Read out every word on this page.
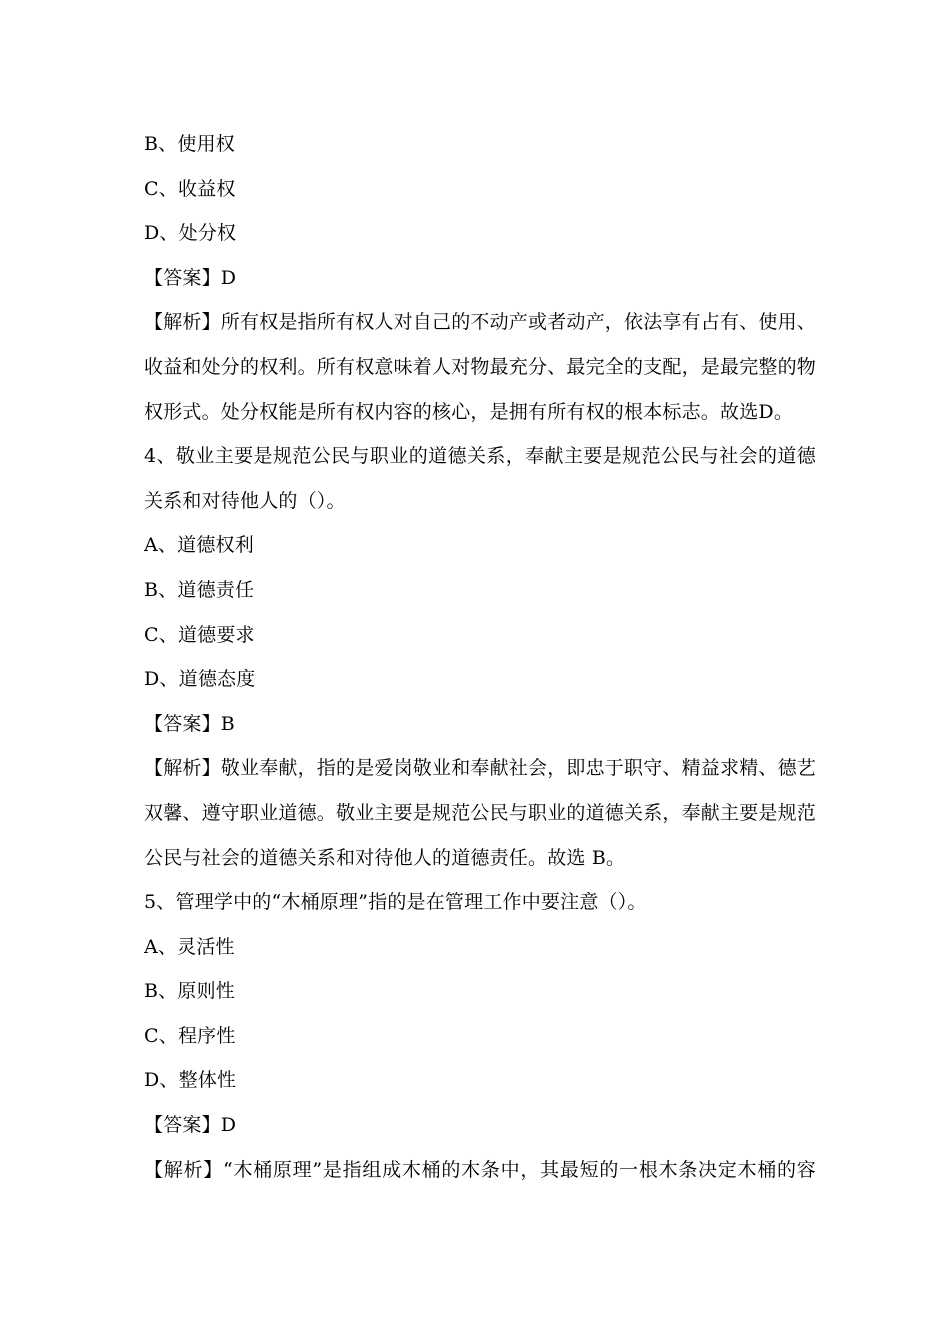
B、使用权
C、收益权
D、处分权
【答案】D
【解析】所有权是指所有权人对自己的不动产或者动产，依法享有占有、使用、
收益和处分的权利。所有权意味着人对物最充分、最完全的支配，是最完整的物
权形式。处分权能是所有权内容的核心，是拥有所有权的根本标志。故选D。
4、敬业主要是规范公民与职业的道德关系，奉献主要是规范公民与社会的道德
关系和对待他人的（）。
A、道德权利
B、道德责任
C、道德要求
D、道德态度
【答案】B
【解析】敬业奉献，指的是爱岗敬业和奉献社会，即忠于职守、精益求精、德艺
双馨、遵守职业道德。敬业主要是规范公民与职业的道德关系，奉献主要是规范
公民与社会的道德关系和对待他人的道德责任。故选 B。
5、管理学中的“木桶原理”指的是在管理工作中要注意（）。
A、灵活性
B、原则性
C、程序性
D、整体性
【答案】D
【解析】“木桶原理”是指组成木桶的木条中，其最短的一根木条决定木桶的容
